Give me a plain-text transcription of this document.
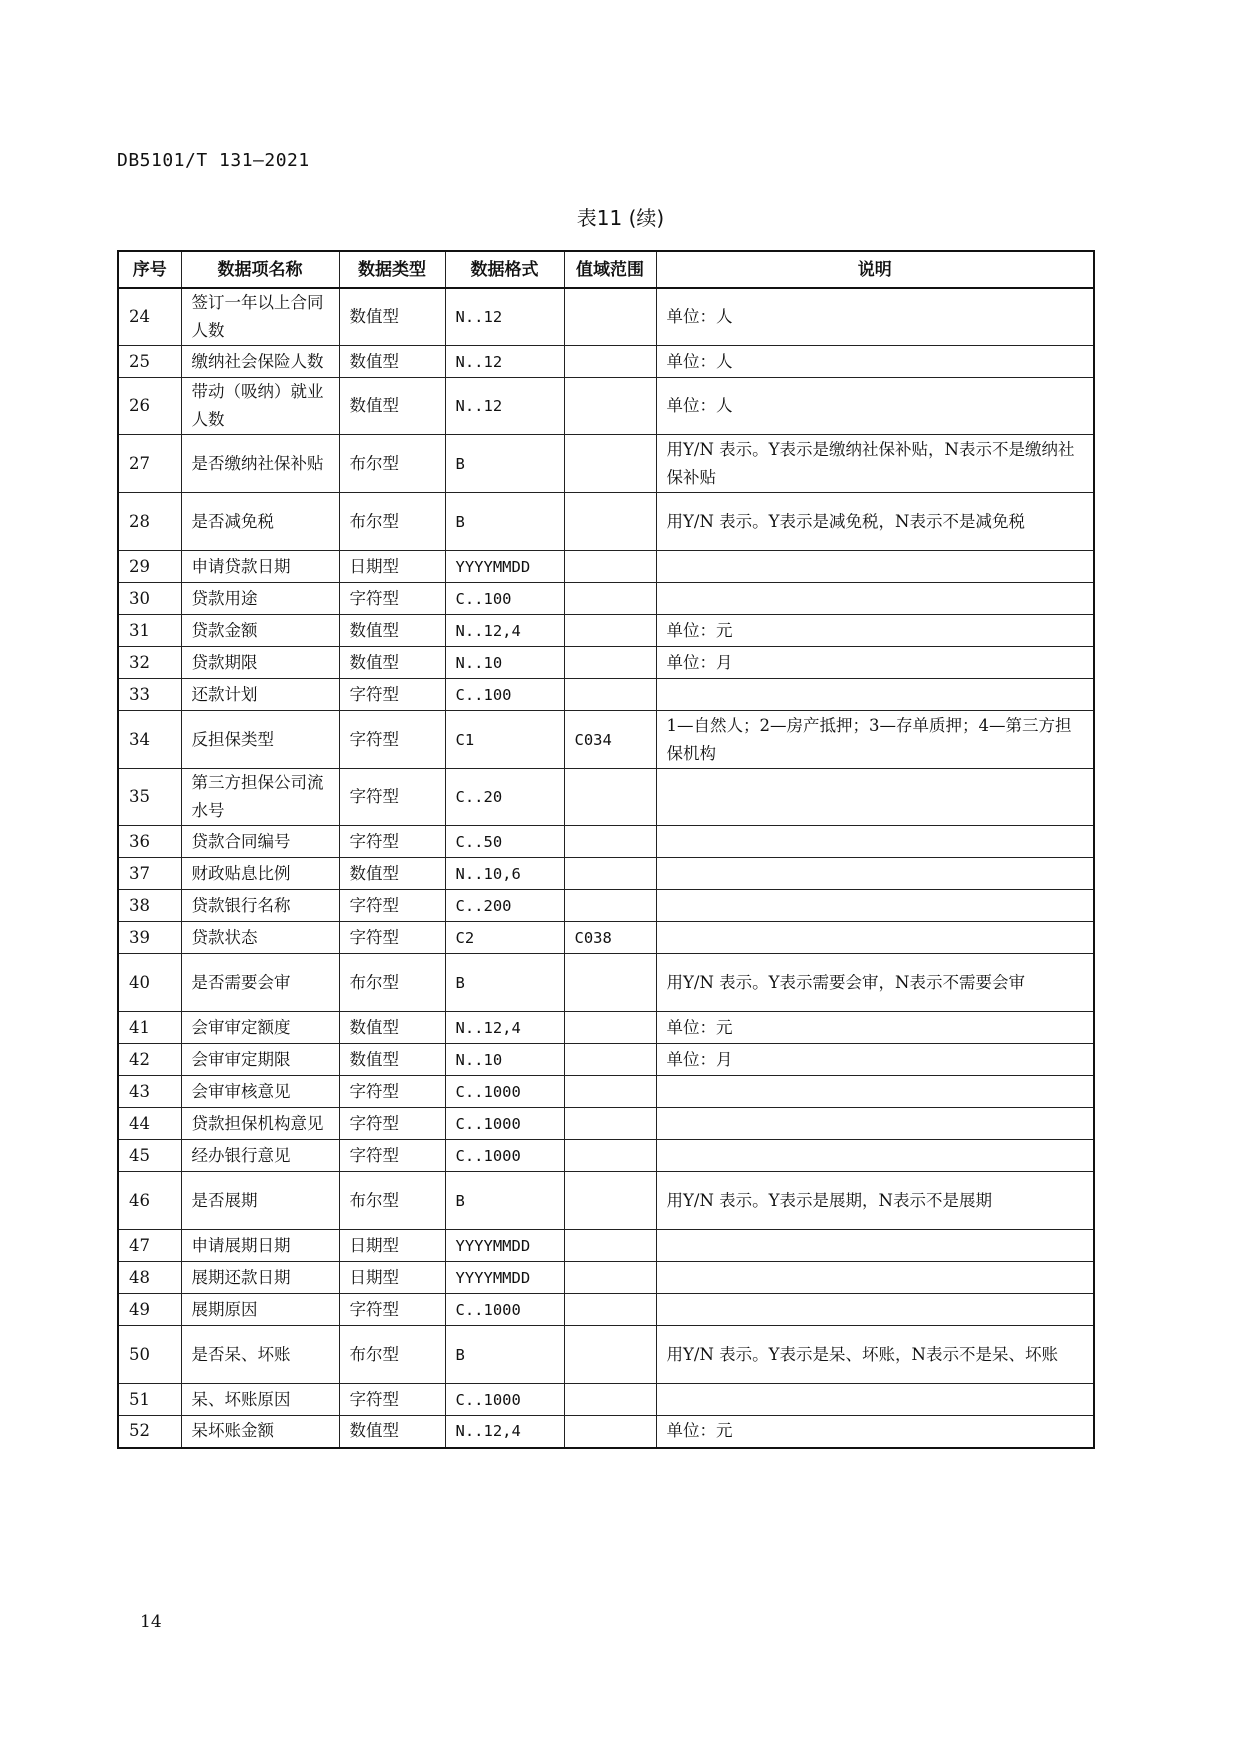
DB5101/T 131—2021
表11 (续)
序号	数据项名称	数据类型	数据格式	值域范围	说明
24	签订一年以上合同人数	数值型	N..12		单位：人
25	缴纳社会保险人数	数值型	N..12		单位：人
26	带动（吸纳）就业人数	数值型	N..12		单位：人
27	是否缴纳社保补贴	布尔型	B		用Y/N 表示。Y表示是缴纳社保补贴，N表示不是缴纳社保补贴
28	是否减免税	布尔型	B		用Y/N 表示。Y表示是减免税，N表示不是减免税
29	申请贷款日期	日期型	YYYYMMDD		
30	贷款用途	字符型	C..100		
31	贷款金额	数值型	N..12,4		单位：元
32	贷款期限	数值型	N..10		单位：月
33	还款计划	字符型	C..100		
34	反担保类型	字符型	C1	C034	1—自然人；2—房产抵押；3—存单质押；4—第三方担保机构
35	第三方担保公司流水号	字符型	C..20		
36	贷款合同编号	字符型	C..50		
37	财政贴息比例	数值型	N..10,6		
38	贷款银行名称	字符型	C..200		
39	贷款状态	字符型	C2	C038	
40	是否需要会审	布尔型	B		用Y/N 表示。Y表示需要会审，N表示不需要会审
41	会审审定额度	数值型	N..12,4		单位：元
42	会审审定期限	数值型	N..10		单位：月
43	会审审核意见	字符型	C..1000		
44	贷款担保机构意见	字符型	C..1000		
45	经办银行意见	字符型	C..1000		
46	是否展期	布尔型	B		用Y/N 表示。Y表示是展期，N表示不是展期
47	申请展期日期	日期型	YYYYMMDD		
48	展期还款日期	日期型	YYYYMMDD		
49	展期原因	字符型	C..1000		
50	是否呆、坏账	布尔型	B		用Y/N 表示。Y表示是呆、坏账，N表示不是呆、坏账
51	呆、坏账原因	字符型	C..1000		
52	呆坏账金额	数值型	N..12,4		单位：元
14
